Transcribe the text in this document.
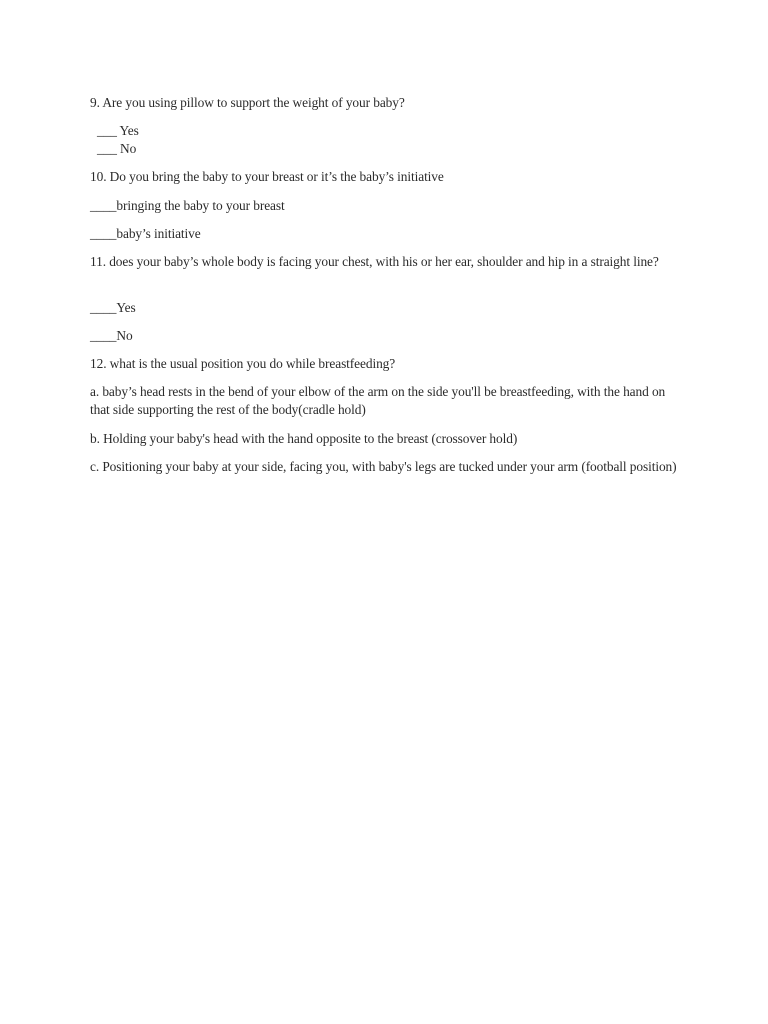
9. Are you using pillow to support the weight of your baby?
___ Yes
___ No
10. Do you bring the baby to your breast or it’s the baby’s initiative
____bringing the baby to your breast
____baby’s initiative
11. does your baby’s whole body is facing your chest, with his or her ear, shoulder and hip in a straight line?
____Yes
____No
12. what is the usual position you do while breastfeeding?
a. baby’s head rests in the bend of your elbow of the arm on the side you'll be breastfeeding, with the hand on that side supporting the rest of the body(cradle hold)
b. Holding your baby's head with the hand opposite to the breast (crossover hold)
c. Positioning your baby at your side, facing you, with baby's legs are tucked under your arm (football position)
